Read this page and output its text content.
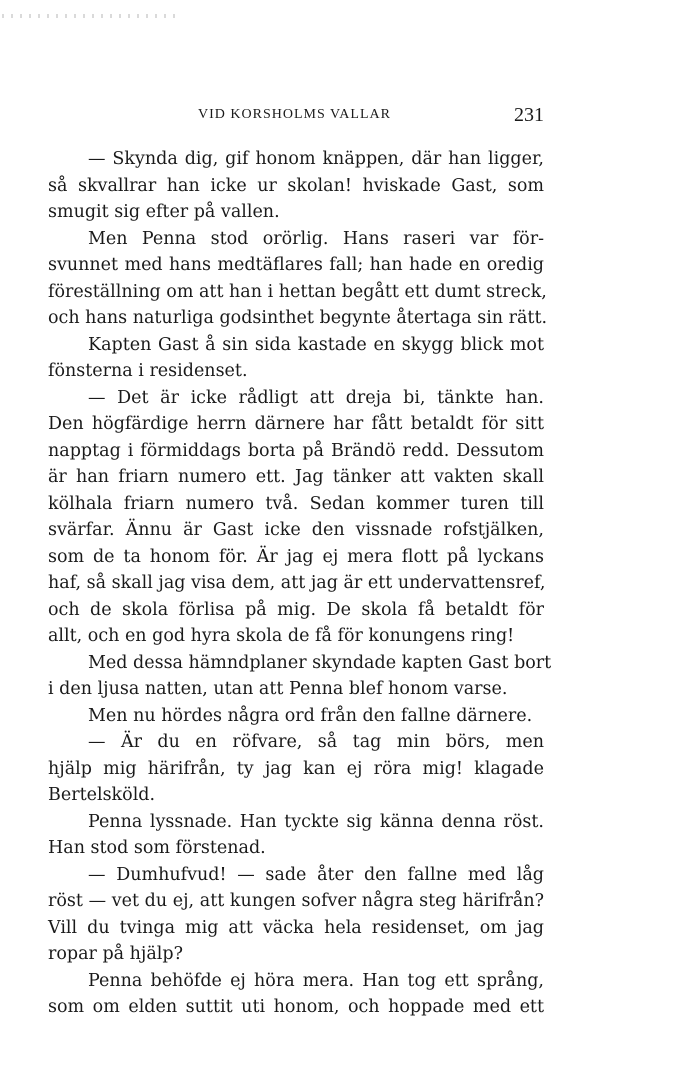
VID KORSHOLMS VALLAR	231
— Skynda dig, gif honom knäppen, där han ligger,
så skvallrar han icke ur skolan! hviskade Gast, som
smugit sig efter på vallen.
Men Penna stod orörlig. Hans raseri var för-
svunnet med hans medtäflares fall; han hade en oredig
föreställning om att han i hettan begått ett dumt streck,
och hans naturliga godsinthet begynte återtaga sin rätt.
Kapten Gast å sin sida kastade en skygg blick mot
fönsterna i residenset.
— Det är icke rådligt att dreja bi, tänkte han.
Den högfärdige herrn därnere har fått betaldt för sitt
napptag i förmiddags borta på Brändö redd. Dessutom
är han friarn numero ett. Jag tänker att vakten skall
kölhala friarn numero två. Sedan kommer turen till
svärfar. Ännu är Gast icke den vissnade rofstjälken,
som de ta honom för. Är jag ej mera flott på lyckans
haf, så skall jag visa dem, att jag är ett undervattensref,
och de skola förlisa på mig. De skola få betaldt för
allt, och en god hyra skola de få för konungens ring!
Med dessa hämndplaner skyndade kapten Gast bort
i den ljusa natten, utan att Penna blef honom varse.
Men nu hördes några ord från den fallne därnere.
— Är du en röfvare, så tag min börs, men
hjälp mig härifrån, ty jag kan ej röra mig! klagade
Bertelsköld.
Penna lyssnade. Han tyckte sig känna denna röst.
Han stod som förstenad.
— Dumhufvud! — sade åter den fallne med låg
röst — vet du ej, att kungen sofver några steg härifrån?
Vill du tvinga mig att väcka hela residenset, om jag
ropar på hjälp?
Penna behöfde ej höra mera. Han tog ett språng,
som om elden suttit uti honom, och hoppade med ett
